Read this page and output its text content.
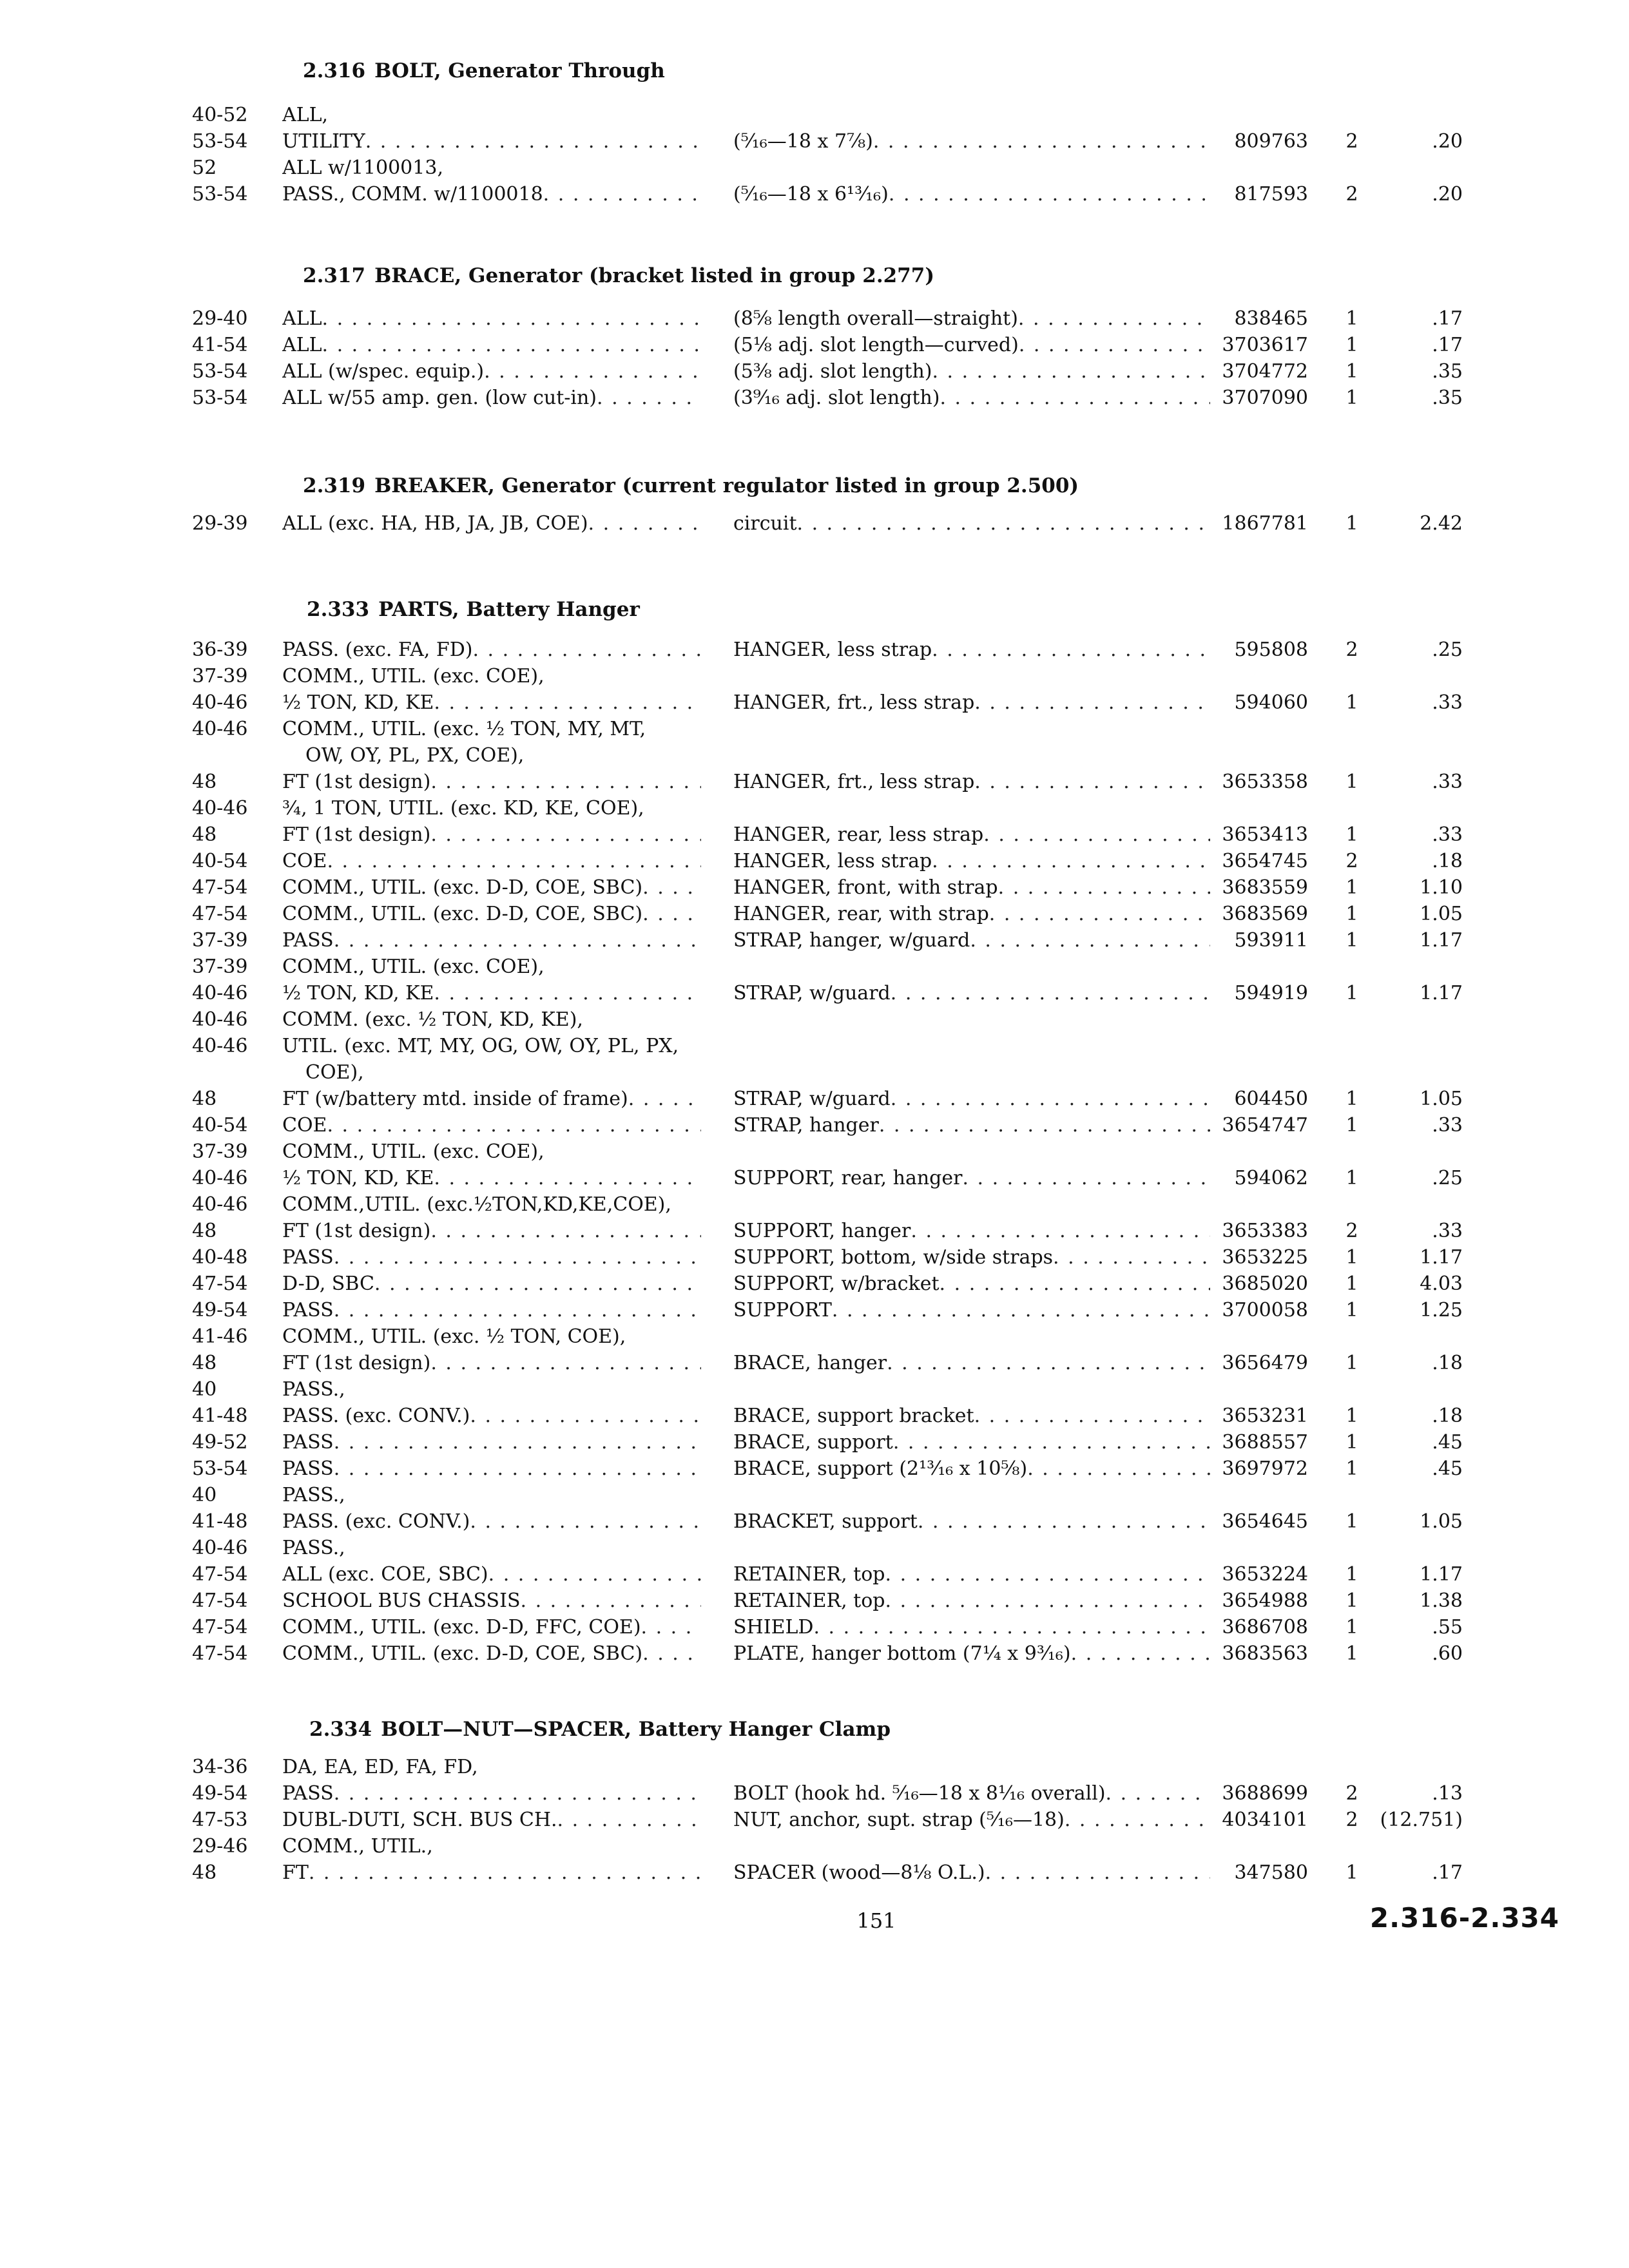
2.316 BOLT, Generator Through
40-52	ALL,
53-54	UTILITY . . .	(⁵⁄₁₆—18 x 7⁷⁄₈) . . .	809763 2	.20
52	ALL w/1100013,
53-54	PASS., COMM. w/1100018 . . .	(⁵⁄₁₆—18 x 6¹³⁄₁₆) . . .	817593 2	.20
2.317 BRACE, Generator (bracket listed in group 2.277)
29-40	ALL . . .	(8⁵⁄₈ length overall—straight) . . .	838465 1	.17
41-54	ALL . . .	(5⅛ adj. slot length—curved) . . .	3703617 1	.17
53-54	ALL (w/spec. equip.) . . .	(5⅜ adj. slot length) . . .	3704772 1	.35
53-54	ALL w/55 amp. gen. (low cut-in) . . .	(3⁹⁄₁₆ adj. slot length) . . .	3707090 1	.35
2.319 BREAKER, Generator (current regulator listed in group 2.500)
29-39	ALL (exc. HA, HB, JA, JB, COE) . . .	circuit . . .	1867781 1	2.42
2.333 PARTS, Battery Hanger
36-39	PASS. (exc. FA, FD) . . .	HANGER, less strap . . .	595808 2	.25
37-39	COMM., UTIL. (exc. COE),
40-46	½ TON, KD, KE . . .	HANGER, frt., less strap . . .	594060 1	.33
40-46	COMM., UTIL. (exc. ½ TON, MY, MT,
OW, OY, PL, PX, COE),
48	FT (1st design) . . .	HANGER, frt., less strap . . .	3653358 1	.33
40-46	¾, 1 TON, UTIL. (exc. KD, KE, COE),
48	FT (1st design) . . .	HANGER, rear, less strap . . .	3653413 1	.33
40-54	COE . . .	HANGER, less strap . . .	3654745 2	.18
47-54	COMM., UTIL. (exc. D-D, COE, SBC) . . .	HANGER, front, with strap . . .	3683559 1	1.10
47-54	COMM., UTIL. (exc. D-D, COE, SBC) . . .	HANGER, rear, with strap . . .	3683569 1	1.05
37-39	PASS . . .	STRAP, hanger, w/guard . . .	593911 1	1.17
37-39	COMM., UTIL. (exc. COE),
40-46	½ TON, KD, KE . . .	STRAP, w/guard . . .	594919 1	1.17
40-46	COMM. (exc. ½ TON, KD, KE),
40-46	UTIL. (exc. MT, MY, OG, OW, OY, PL, PX,
COE),
48	FT (w/battery mtd. inside of frame) . . .	STRAP, w/guard . . .	604450 1	1.05
40-54	COE . . .	STRAP, hanger . . .	3654747 1	.33
37-39	COMM., UTIL. (exc. COE),
40-46	½ TON, KD, KE . . .	SUPPORT, rear, hanger . . .	594062 1	.25
40-46	COMM.,UTIL. (exc.½TON,KD,KE,COE),
48	FT (1st design) . . .	SUPPORT, hanger . . .	3653383 2	.33
40-48	PASS . . .	SUPPORT, bottom, w/side straps . . .	3653225 1	1.17
47-54	D-D, SBC . . .	SUPPORT, w/bracket . . .	3685020 1	4.03
49-54	PASS . . .	SUPPORT . . .	3700058 1	1.25
41-46	COMM., UTIL. (exc. ½ TON, COE),
48	FT (1st design) . . .	BRACE, hanger . . .	3656479 1	.18
40	PASS.,
41-48	PASS. (exc. CONV.) . . .	BRACE, support bracket . . .	3653231 1	.18
49-52	PASS . . .	BRACE, support . . .	3688557 1	.45
53-54	PASS . . .	BRACE, support (2¹³⁄₁₆ x 10⅝) . . .	3697972 1	.45
40	PASS.,
41-48	PASS. (exc. CONV.) . . .	BRACKET, support . . .	3654645 1	1.05
40-46	PASS.,
47-54	ALL (exc. COE, SBC) . . .	RETAINER, top . . .	3653224 1	1.17
47-54	SCHOOL BUS CHASSIS . . .	RETAINER, top . . .	3654988 1	1.38
47-54	COMM., UTIL. (exc. D-D, FFC, COE) . . .	SHIELD . . .	3686708 1	.55
47-54	COMM., UTIL. (exc. D-D, COE, SBC) . . .	PLATE, hanger bottom (7¼ x 9³⁄₁₆) . . .	3683563 1	.60
2.334 BOLT—NUT—SPACER, Battery Hanger Clamp
34-36	DA, EA, ED, FA, FD,
49-54	PASS . . .	BOLT (hook hd. ⁵⁄₁₆—18 x 8¹⁄₁₆ overall) . . .	3688699 2	.13
47-53	DUBL-DUTI, SCH. BUS CH. . . .	NUT, anchor, supt. strap (⁵⁄₁₆—18) . . .	4034101 2	(12.751)
29-46	COMM., UTIL.,
48	FT . . .	SPACER (wood—8⅛ O.L.) . . .	347580 1	.17
151	2.316-2.334
